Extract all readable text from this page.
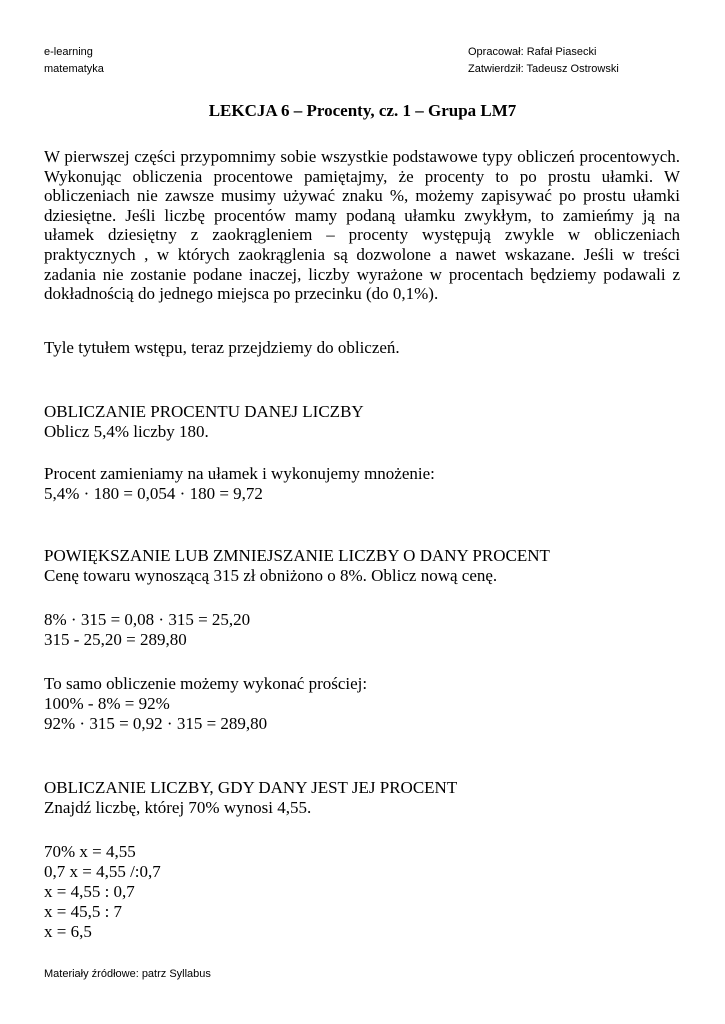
e-learning
matematyka
Opracował: Rafał Piasecki
Zatwierdził: Tadeusz Ostrowski
LEKCJA 6 – Procenty, cz. 1 – Grupa LM7

W pierwszej części przypomnimy sobie wszystkie podstawowe typy obliczeń procentowych. Wykonując obliczenia procentowe pamiętajmy, że procenty to po prostu ułamki. W obliczeniach nie zawsze musimy używać znaku %, możemy zapisywać po prostu ułamki dziesiętne. Jeśli liczbę procentów mamy podaną ułamku zwykłym, to zamieńmy ją na ułamek dziesiętny z zaokrągleniem – procenty występują zwykle w obliczeniach praktycznych , w których zaokrąglenia są dozwolone a nawet wskazane. Jeśli w treści zadania nie zostanie podane inaczej, liczby wyrażone w procentach będziemy podawali z dokładnością do jednego miejsca po przecinku (do 0,1%).

Tyle tytułem wstępu, teraz przejdziemy do obliczeń.
OBLICZANIE PROCENTU DANEJ LICZBY
Oblicz 5,4% liczby 180.
Procent zamieniamy na ułamek i wykonujemy mnożenie:
5,4% · 180 = 0,054 · 180 = 9,72
POWIĘKSZANIE LUB ZMNIEJSZANIE LICZBY O DANY PROCENT
Cenę towaru wynoszącą 315 zł obniżono o 8%. Oblicz nową cenę.
8% · 315 = 0,08 · 315 = 25,20
315 - 25,20 = 289,80
To samo obliczenie możemy wykonać prościej:
100% - 8% = 92%
92% · 315 = 0,92 · 315 = 289,80
OBLICZANIE LICZBY, GDY DANY JEST JEJ PROCENT
Znajdź liczbę, której 70% wynosi 4,55.
70% x = 4,55
0,7 x = 4,55 /:0,7
x = 4,55 : 0,7
x = 45,5 : 7
x = 6,5
Materiały źródłowe: patrz Syllabus
